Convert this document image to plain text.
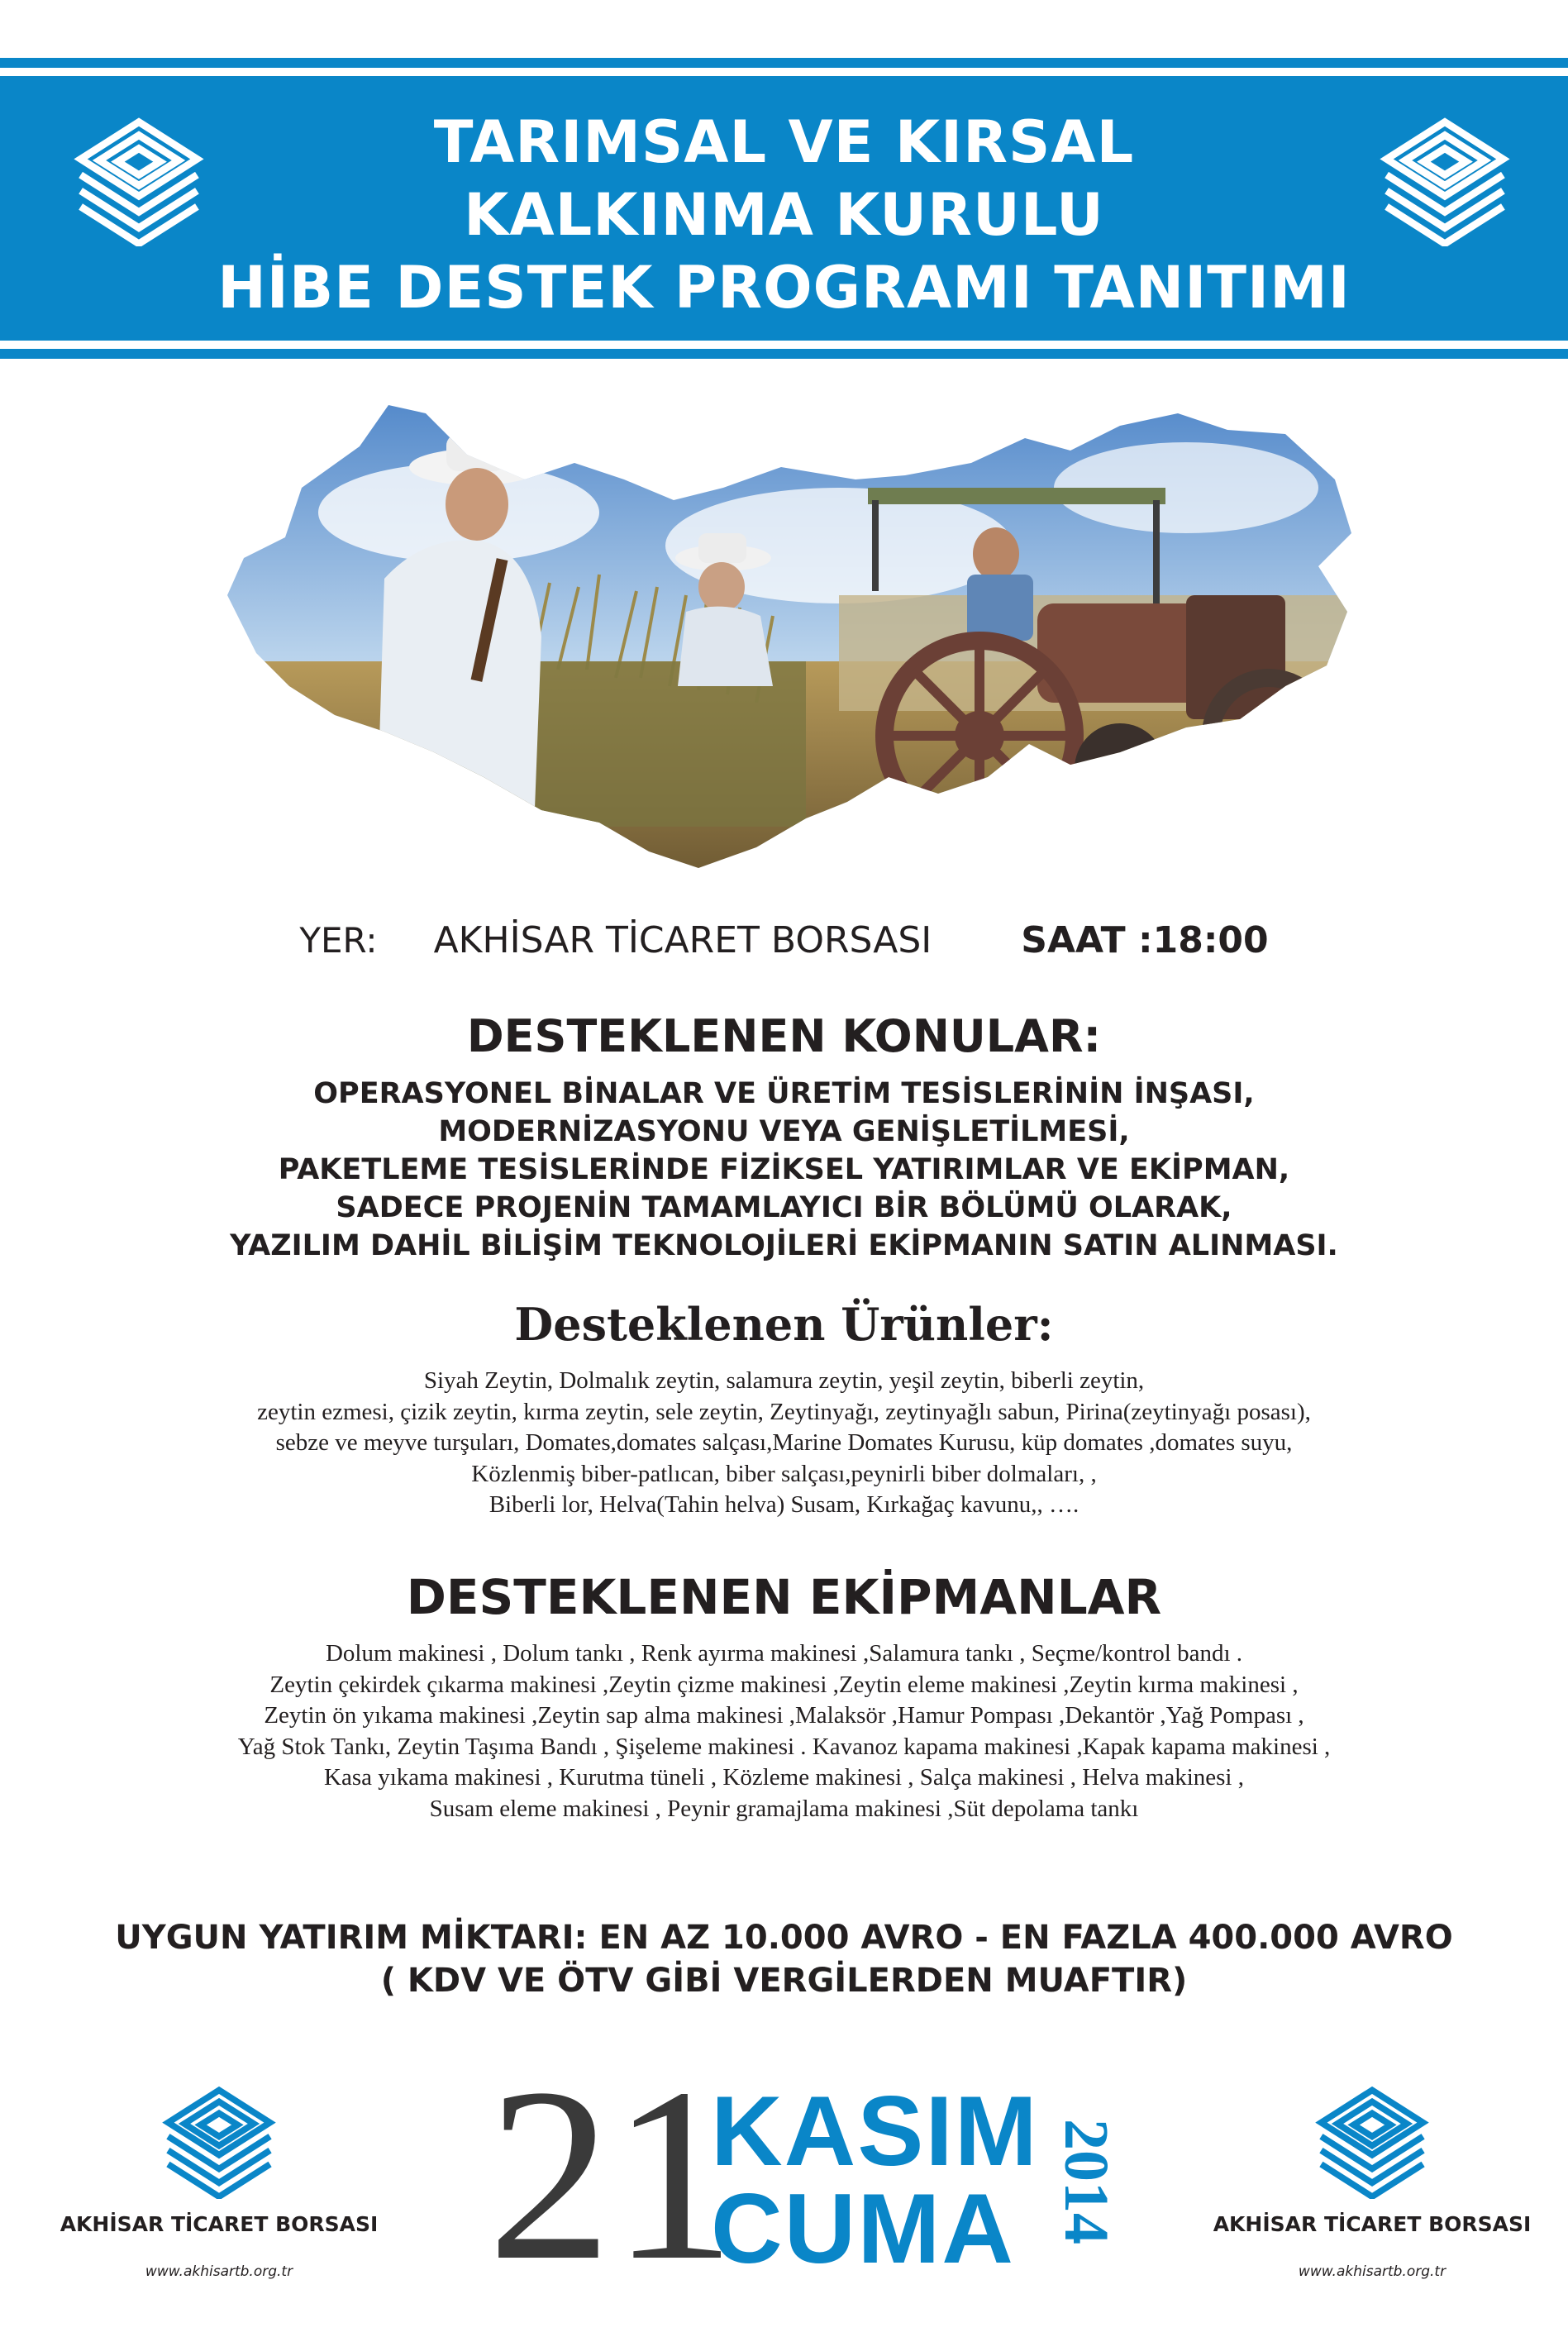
TARIMSAL VE KIRSAL
KALKINMA KURULU
HİBE DESTEK PROGRAMI TANITIMI
YER: AKHİSAR TİCARET BORSASI SAAT :18:00
DESTEKLENEN KONULAR:
OPERASYONEL BİNALAR VE ÜRETİM TESİSLERİNİN İNŞASI,
MODERNİZASYONU VEYA GENİŞLETİLMESİ,
PAKETLEME TESİSLERİNDE FİZİKSEL YATIRIMLAR VE EKİPMAN,
SADECE PROJENİN TAMAMLAYICI BİR BÖLÜMÜ OLARAK,
YAZILIM DAHİL BİLİŞİM TEKNOLOJİLERİ EKİPMANIN SATIN ALINMASI.
Desteklenen Ürünler:
Siyah Zeytin, Dolmalık zeytin, salamura zeytin, yeşil zeytin, biberli zeytin,
zeytin ezmesi, çizik zeytin, kırma zeytin, sele zeytin, Zeytinyağı, zeytinyağlı sabun, Pirina(zeytinyağı posası),
sebze ve meyve turşuları, Domates,domates salçası,Marine Domates Kurusu, küp domates ,domates suyu,
Közlenmiş biber-patlıcan, biber salçası,peynirli biber dolmaları, ,
Biberli lor, Helva(Tahin helva) Susam, Kırkağaç kavunu,, ….
DESTEKLENEN EKİPMANLAR
Dolum makinesi , Dolum tankı , Renk ayırma makinesi ,Salamura tankı , Seçme/kontrol bandı .
Zeytin çekirdek çıkarma makinesi ,Zeytin çizme makinesi ,Zeytin eleme makinesi ,Zeytin kırma makinesi ,
Zeytin ön yıkama makinesi ,Zeytin sap alma makinesi ,Malaksör ,Hamur Pompası ,Dekantör ,Yağ Pompası ,
Yağ Stok Tankı, Zeytin Taşıma Bandı , Şişeleme makinesi . Kavanoz kapama makinesi ,Kapak kapama makinesi ,
Kasa yıkama makinesi , Kurutma tüneli , Közleme makinesi , Salça makinesi , Helva makinesi ,
Susam eleme makinesi , Peynir gramajlama makinesi ,Süt depolama tankı
UYGUN YATIRIM MİKTARI: EN AZ 10.000 AVRO - EN FAZLA 400.000 AVRO
( KDV VE ÖTV GİBİ VERGİLERDEN MUAFTIR)
AKHİSAR TİCARET BORSASI
www.akhisartb.org.tr
AKHİSAR TİCARET BORSASI
www.akhisartb.org.tr
21
KASIM
CUMA 2014
